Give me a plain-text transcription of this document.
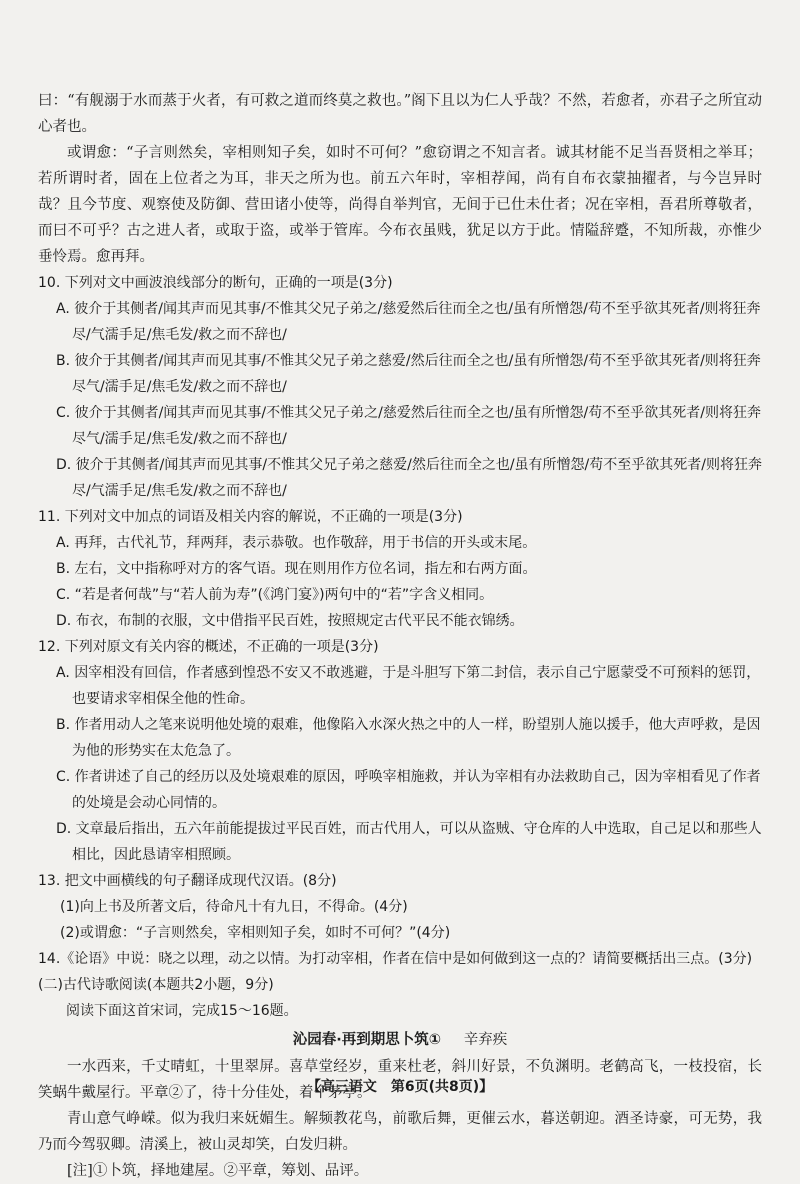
曰：“有舰溺于水而蒸于火者，有可救之道而终莫之救也。”阁下且以为仁人乎哉？不然，若愈者，亦君子之所宜动心者也。

或谓愈：“子言则然矣，宰相则知子矣，如时不可何？”愈窃谓之不知言者。诚其材能不足当吾贤相之举耳；若所谓时者，固在上位者之为耳，非天之所为也。前五六年时，宰相荐闻，尚有自布衣蒙抽擢者，与今岂异时哉？且今节度、观察使及防御、营田诸小使等，尚得自举判官，无间于已仕未仕者；况在宰相，吾君所尊敬者，而曰不可乎？古之进人者，或取于盗，或举于管库。今布衣虽贱，犹足以方于此。情隘辞蹙，不知所裁，亦惟少垂怜焉。愈再拜。

10. 下列对文中画波浪线部分的断句，正确的一项是(3分)

A. 彼介于其侧者/闻其声而见其事/不惟其父兄子弟之/慈爱然后往而全之也/虽有所憎怨/苟不至乎欲其死者/则将狂奔尽/气濡手足/焦毛发/救之而不辞也/

B. 彼介于其侧者/闻其声而见其事/不惟其父兄子弟之慈爱/然后往而全之也/虽有所憎怨/苟不至乎欲其死者/则将狂奔尽气/濡手足/焦毛发/救之而不辞也/

C. 彼介于其侧者/闻其声而见其事/不惟其父兄子弟之/慈爱然后往而全之也/虽有所憎怨/苟不至乎欲其死者/则将狂奔尽气/濡手足/焦毛发/救之而不辞也/

D. 彼介于其侧者/闻其声而见其事/不惟其父兄子弟之慈爱/然后往而全之也/虽有所憎怨/苟不至乎欲其死者/则将狂奔尽/气濡手足/焦毛发/救之而不辞也/

11. 下列对文中加点的词语及相关内容的解说，不正确的一项是(3分)

A. 再拜，古代礼节，拜两拜，表示恭敬。也作敬辞，用于书信的开头或末尾。

B. 左右，文中指称呼对方的客气语。现在则用作方位名词，指左和右两方面。

C. “若是者何哉”与“若人前为寿”(《鸿门宴》)两句中的“若”字含义相同。

D. 布衣，布制的衣服，文中借指平民百姓，按照规定古代平民不能衣锦绣。

12. 下列对原文有关内容的概述，不正确的一项是(3分)

A. 因宰相没有回信，作者感到惶恐不安又不敢逃避，于是斗胆写下第二封信，表示自己宁愿蒙受不可预料的惩罚，也要请求宰相保全他的性命。

B. 作者用动人之笔来说明他处境的艰难，他像陷入水深火热之中的人一样，盼望别人施以援手，他大声呼救，是因为他的形势实在太危急了。

C. 作者讲述了自己的经历以及处境艰难的原因，呼唤宰相施救，并认为宰相有办法救助自己，因为宰相看见了作者的处境是会动心同情的。

D. 文章最后指出，五六年前能提拔过平民百姓，而古代用人，可以从盗贼、守仓库的人中选取，自己足以和那些人相比，因此恳请宰相照顾。

13. 把文中画横线的句子翻译成现代汉语。(8分)

(1)向上书及所著文后，待命凡十有九日，不得命。(4分)

(2)或谓愈：“子言则然矣，宰相则知子矣，如时不可何？”(4分)

14.《论语》中说：晓之以理，动之以情。为打动宰相，作者在信中是如何做到这一点的？请简要概括出三点。(3分)

(二)古代诗歌阅读(本题共2小题，9分)

阅读下面这首宋词，完成15～16题。

沁园春·再到期思卜筑① 辛弃疾

一水西来，千丈晴虹，十里翠屏。喜草堂经岁，重来杜老，斜川好景，不负渊明。老鹤高飞，一枝投宿，长笑蜗牛戴屋行。平章②了，待十分佳处，着个茅亭。

青山意气峥嵘。似为我归来妩媚生。解频教花鸟，前歌后舞，更催云水，暮送朝迎。酒圣诗豪，可无势，我乃而今驾驭卿。清溪上，被山灵却笑，白发归耕。

[注]①卜筑，择地建屋。②平章，筹划、品评。

【高三语文　第6页(共8页)】
